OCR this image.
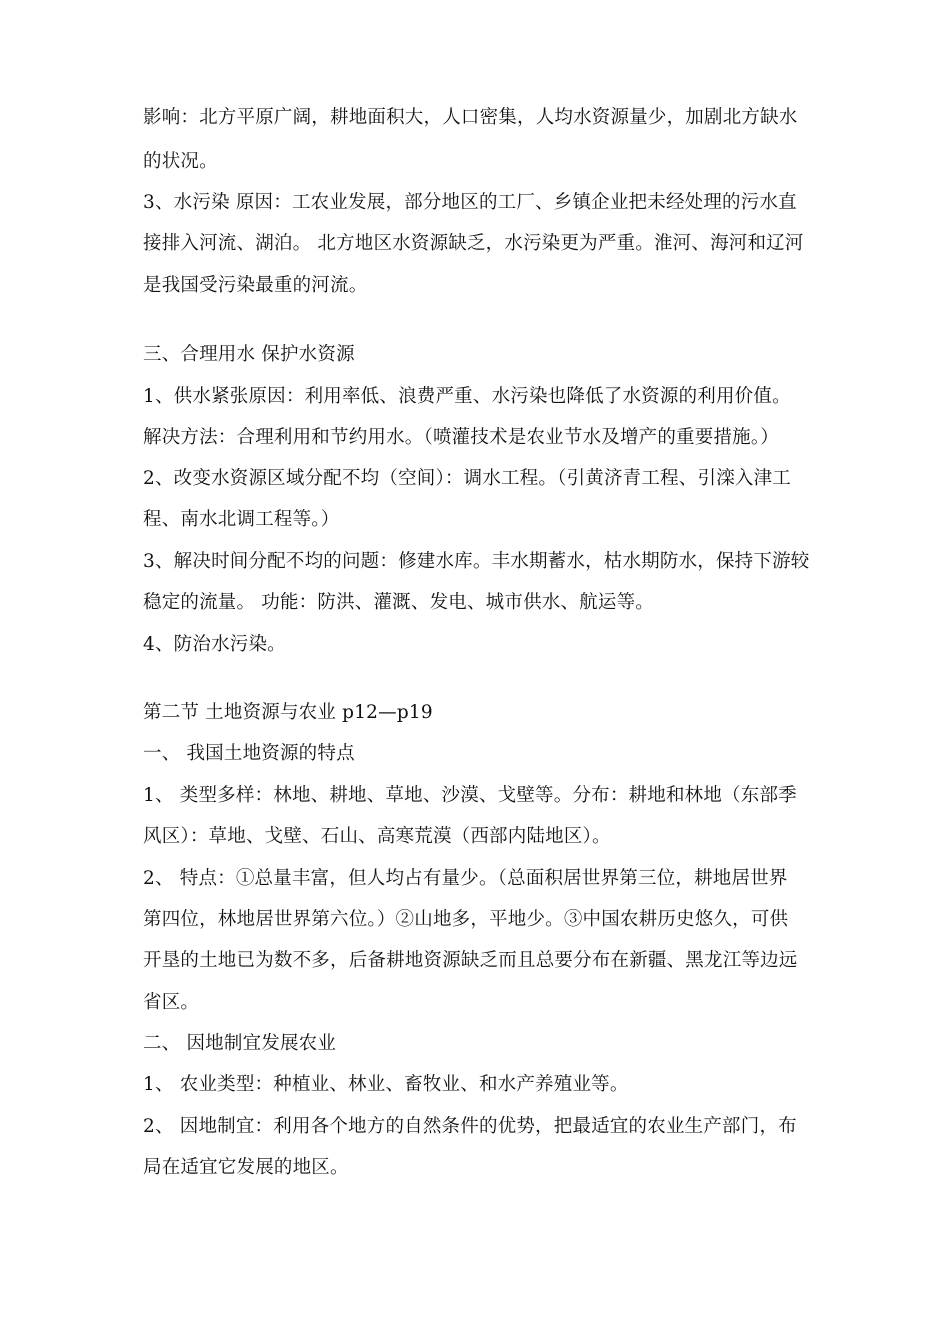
影响：北方平原广阔，耕地面积大，人口密集，人均水资源量少，加剧北方缺水
的状况。
3、水污染 原因：工农业发展，部分地区的工厂、乡镇企业把未经处理的污水直
接排入河流、湖泊。 北方地区水资源缺乏，水污染更为严重。淮河、海河和辽河
是我国受污染最重的河流。
三、合理用水 保护水资源
1、供水紧张原因：利用率低、浪费严重、水污染也降低了水资源的利用价值。
解决方法：合理利用和节约用水。（喷灌技术是农业节水及增产的重要措施。）
2、改变水资源区域分配不均（空间）：调水工程。（引黄济青工程、引滦入津工
程、南水北调工程等。）
3、解决时间分配不均的问题：修建水库。丰水期蓄水，枯水期防水，保持下游较
稳定的流量。 功能：防洪、灌溉、发电、城市供水、航运等。
4、防治水污染。
第二节 土地资源与农业 p12—p19
一、 我国土地资源的特点
1、 类型多样：林地、耕地、草地、沙漠、戈壁等。分布：耕地和林地（东部季
风区）：草地、戈壁、石山、高寒荒漠（西部内陆地区）。
2、 特点：①总量丰富，但人均占有量少。（总面积居世界第三位，耕地居世界
第四位，林地居世界第六位。）②山地多，平地少。③中国农耕历史悠久，可供
开垦的土地已为数不多，后备耕地资源缺乏而且总要分布在新疆、黑龙江等边远
省区。
二、 因地制宜发展农业
1、 农业类型：种植业、林业、畜牧业、和水产养殖业等。
2、 因地制宜：利用各个地方的自然条件的优势，把最适宜的农业生产部门，布
局在适宜它发展的地区。
